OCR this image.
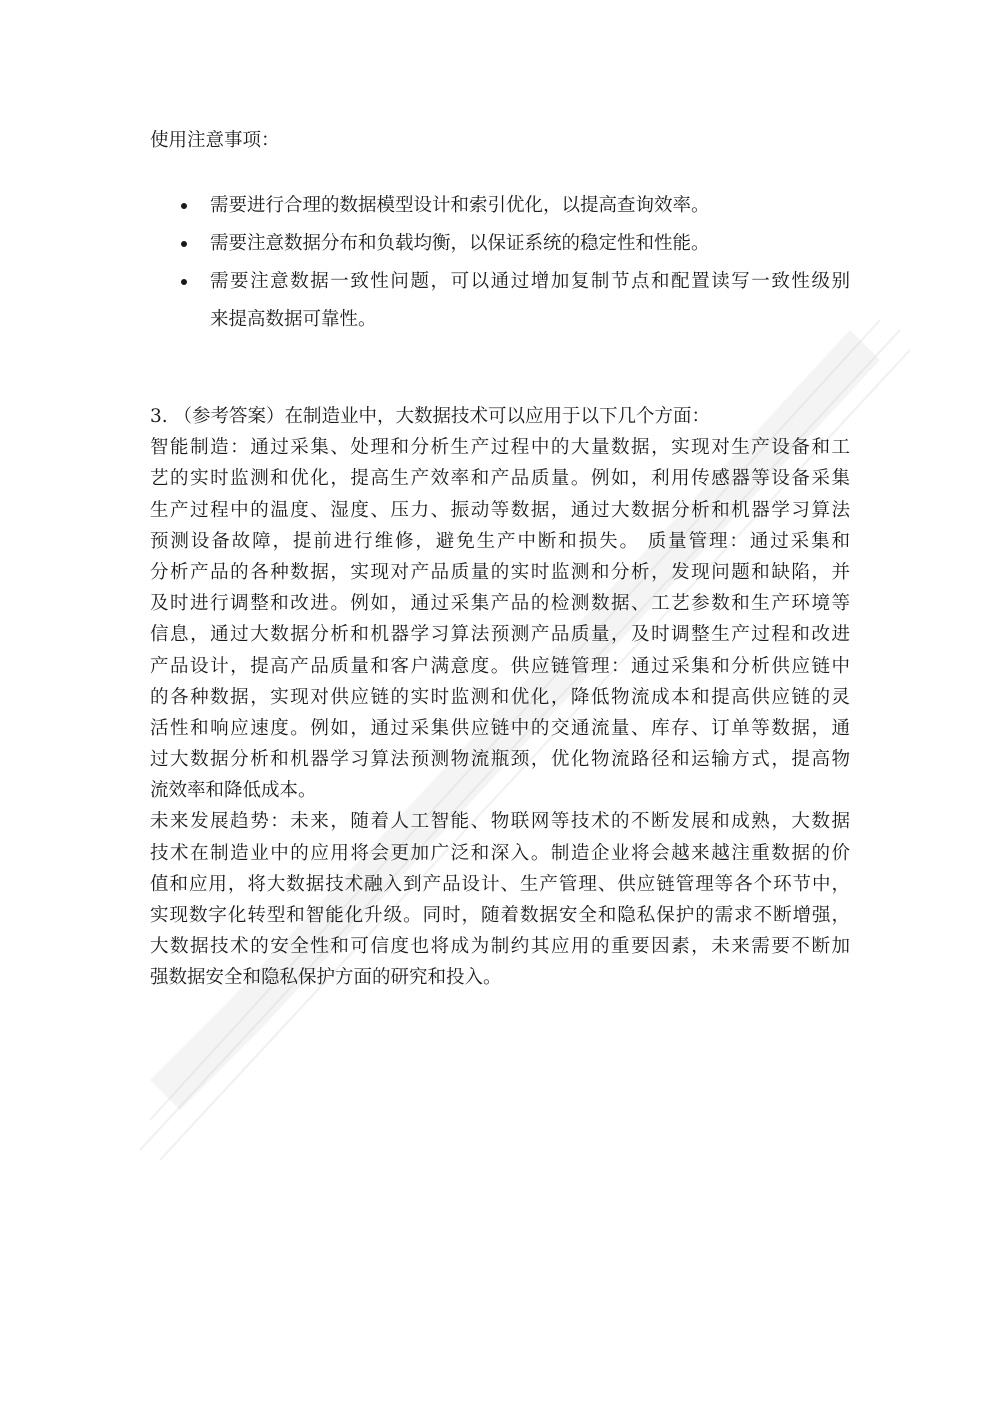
使用注意事项：
需要进行合理的数据模型设计和索引优化，以提高查询效率。
需要注意数据分布和负载均衡，以保证系统的稳定性和性能。
需要注意数据一致性问题，可以通过增加复制节点和配置读写一致性级别
来提高数据可靠性。
3. （参考答案）在制造业中，大数据技术可以应用于以下几个方面：
智能制造：通过采集、处理和分析生产过程中的大量数据，实现对生产设备和工
艺的实时监测和优化，提高生产效率和产品质量。例如，利用传感器等设备采集
生产过程中的温度、湿度、压力、振动等数据，通过大数据分析和机器学习算法
预测设备故障，提前进行维修，避免生产中断和损失。 质量管理：通过采集和
分析产品的各种数据，实现对产品质量的实时监测和分析，发现问题和缺陷，并
及时进行调整和改进。例如，通过采集产品的检测数据、工艺参数和生产环境等
信息，通过大数据分析和机器学习算法预测产品质量，及时调整生产过程和改进
产品设计，提高产品质量和客户满意度。供应链管理：通过采集和分析供应链中
的各种数据，实现对供应链的实时监测和优化，降低物流成本和提高供应链的灵
活性和响应速度。例如，通过采集供应链中的交通流量、库存、订单等数据，通
过大数据分析和机器学习算法预测物流瓶颈，优化物流路径和运输方式，提高物
流效率和降低成本。
未来发展趋势：未来，随着人工智能、物联网等技术的不断发展和成熟，大数据
技术在制造业中的应用将会更加广泛和深入。制造企业将会越来越注重数据的价
值和应用，将大数据技术融入到产品设计、生产管理、供应链管理等各个环节中，
实现数字化转型和智能化升级。同时，随着数据安全和隐私保护的需求不断增强，
大数据技术的安全性和可信度也将成为制约其应用的重要因素，未来需要不断加
强数据安全和隐私保护方面的研究和投入。
